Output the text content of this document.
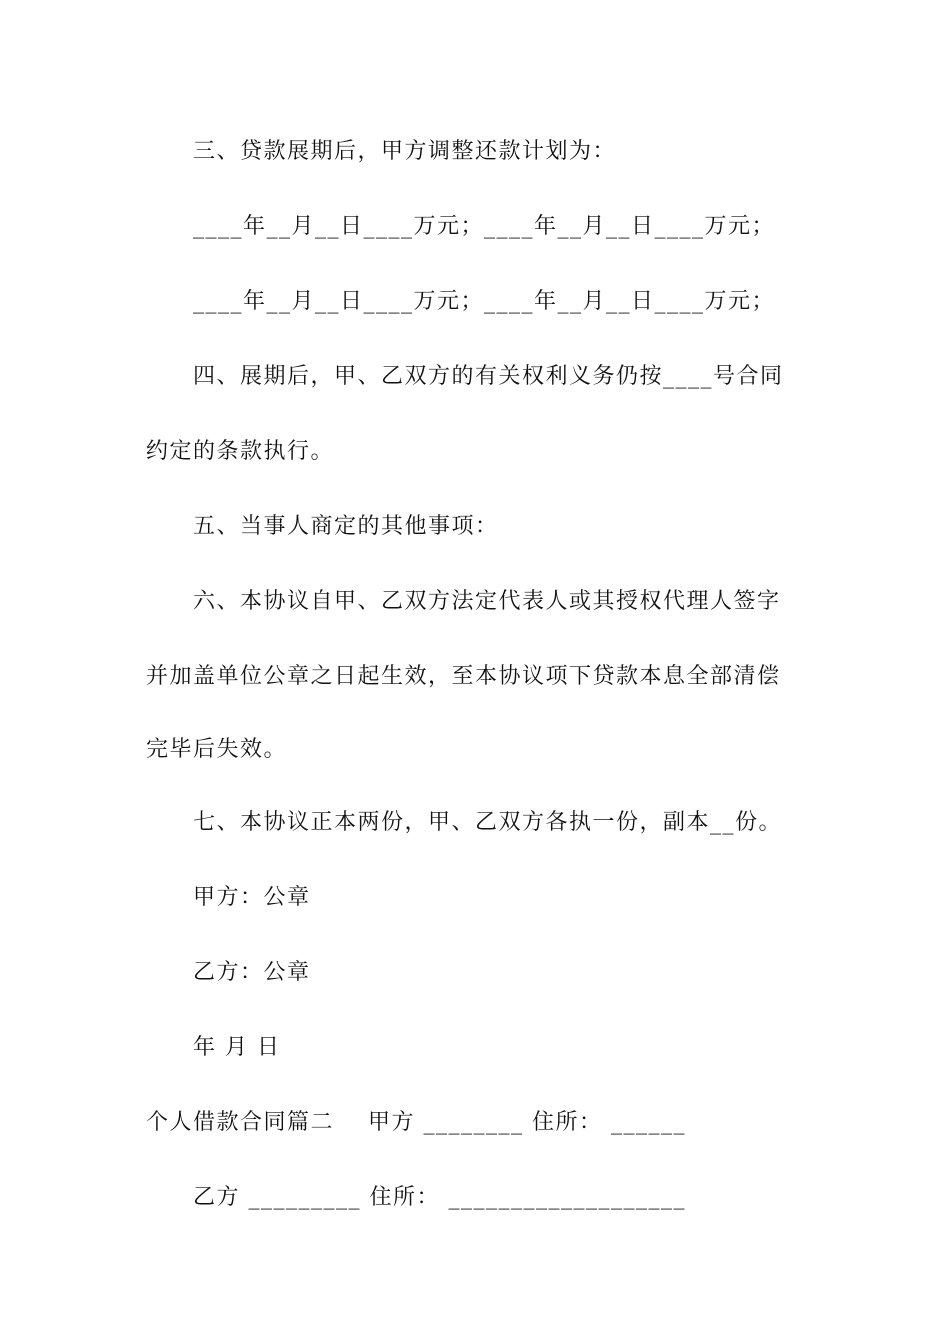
三、贷款展期后，甲方调整还款计划为：
____年__月__日____万元；____年__月__日____万元；
____年__月__日____万元；____年__月__日____万元；
四、展期后，甲、乙双方的有关权利义务仍按____号合同
约定的条款执行。
五、当事人商定的其他事项：
六、本协议自甲、乙双方法定代表人或其授权代理人签字
并加盖单位公章之日起生效，至本协议项下贷款本息全部清偿
完毕后失效。
七、本协议正本两份，甲、乙双方各执一份，副本__份。
甲方：公章
乙方：公章
年 月 日
个人借款合同篇二    甲方 ________ 住所： ______
乙方 _________ 住所： ___________________
